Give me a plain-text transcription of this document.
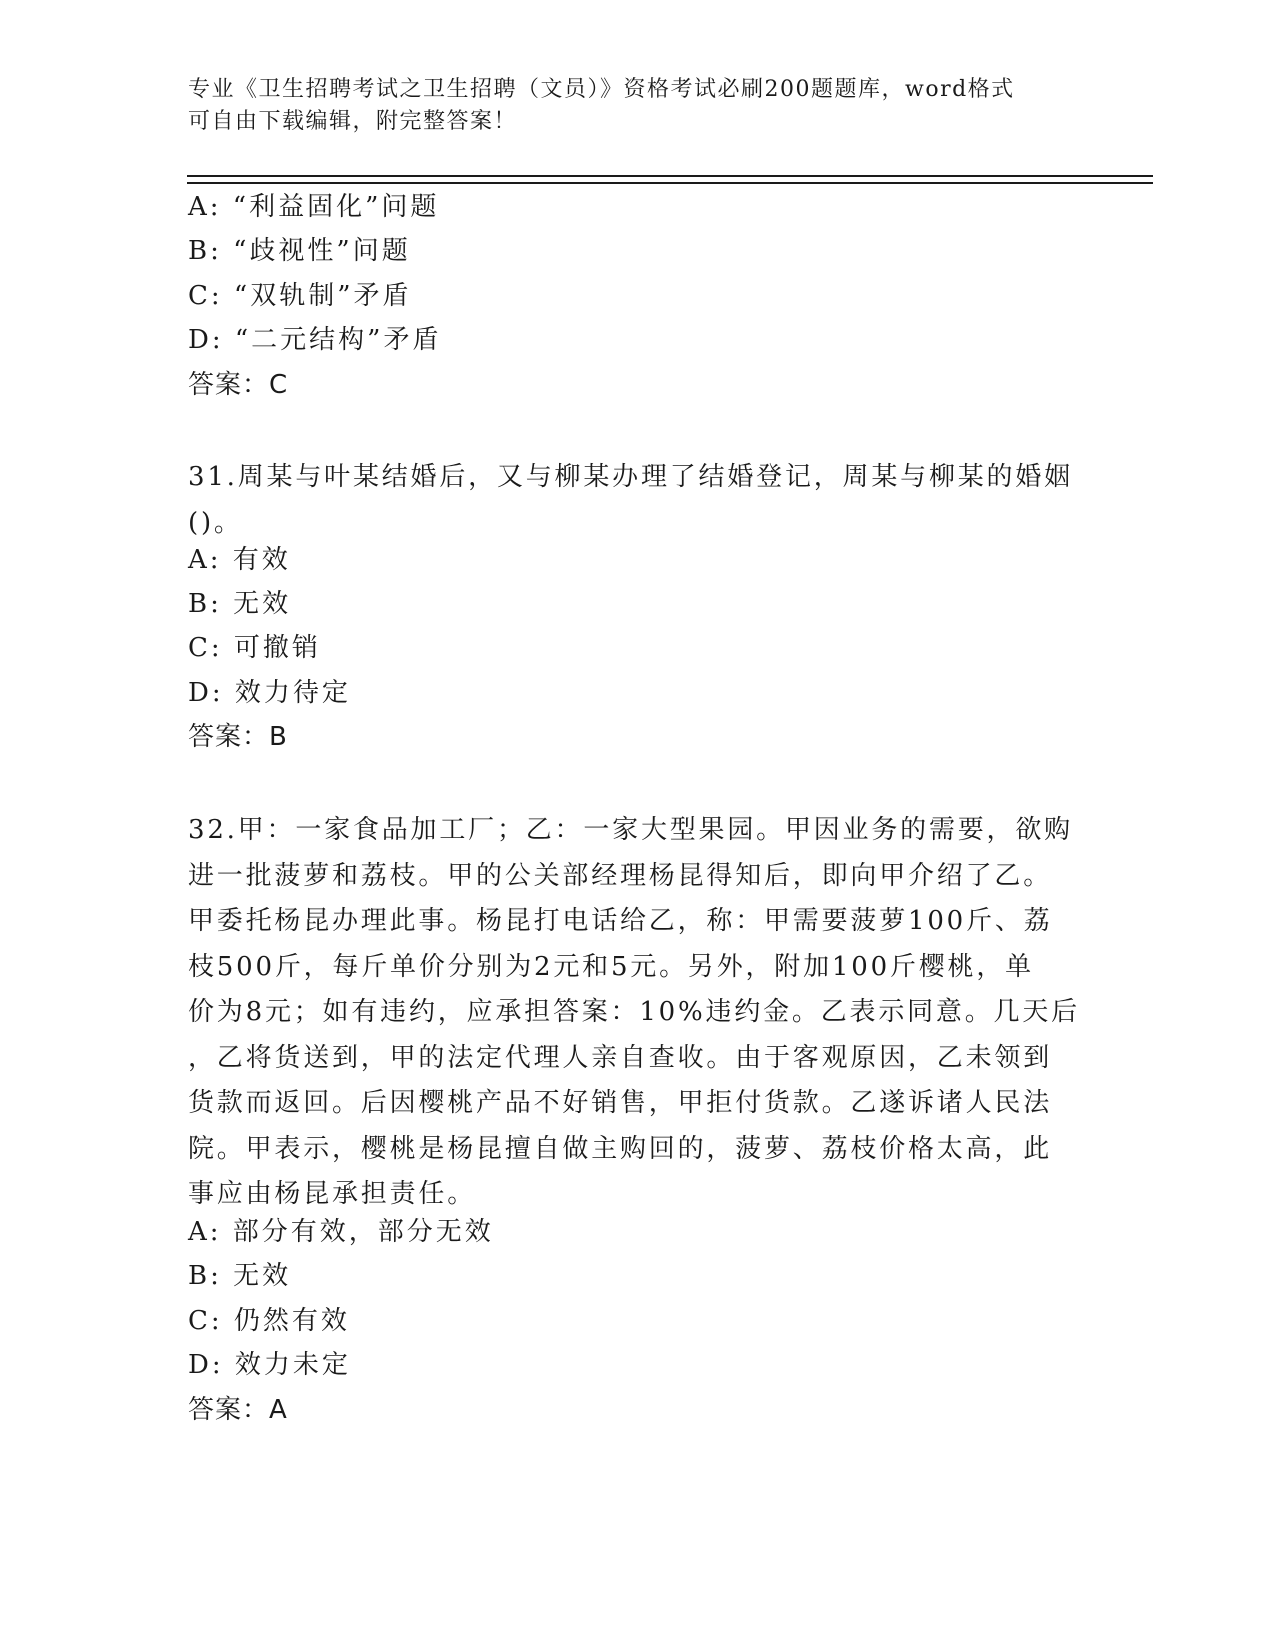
专业《卫生招聘考试之卫生招聘（文员）》资格考试必刷200题题库，word格式
可自由下载编辑，附完整答案！
A: “利益固化”问题
B: “歧视性”问题
C: “双轨制”矛盾
D: “二元结构”矛盾
答案：C
31.周某与叶某结婚后，又与柳某办理了结婚登记，周某与柳某的婚姻
()。
A: 有效
B: 无效
C: 可撤销
D: 效力待定
答案：B
32.甲：一家食品加工厂；乙：一家大型果园。甲因业务的需要，欲购
进一批菠萝和荔枝。甲的公关部经理杨昆得知后，即向甲介绍了乙。
甲委托杨昆办理此事。杨昆打电话给乙，称：甲需要菠萝100斤、荔
枝500斤，每斤单价分别为2元和5元。另外，附加100斤樱桃，单
价为8元；如有违约，应承担答案：10%违约金。乙表示同意。几天后
，乙将货送到，甲的法定代理人亲自查收。由于客观原因，乙未领到
货款而返回。后因樱桃产品不好销售，甲拒付货款。乙遂诉诸人民法
院。甲表示，樱桃是杨昆擅自做主购回的，菠萝、荔枝价格太高，此
事应由杨昆承担责任。
A: 部分有效，部分无效
B: 无效
C: 仍然有效
D: 效力未定
答案：A
